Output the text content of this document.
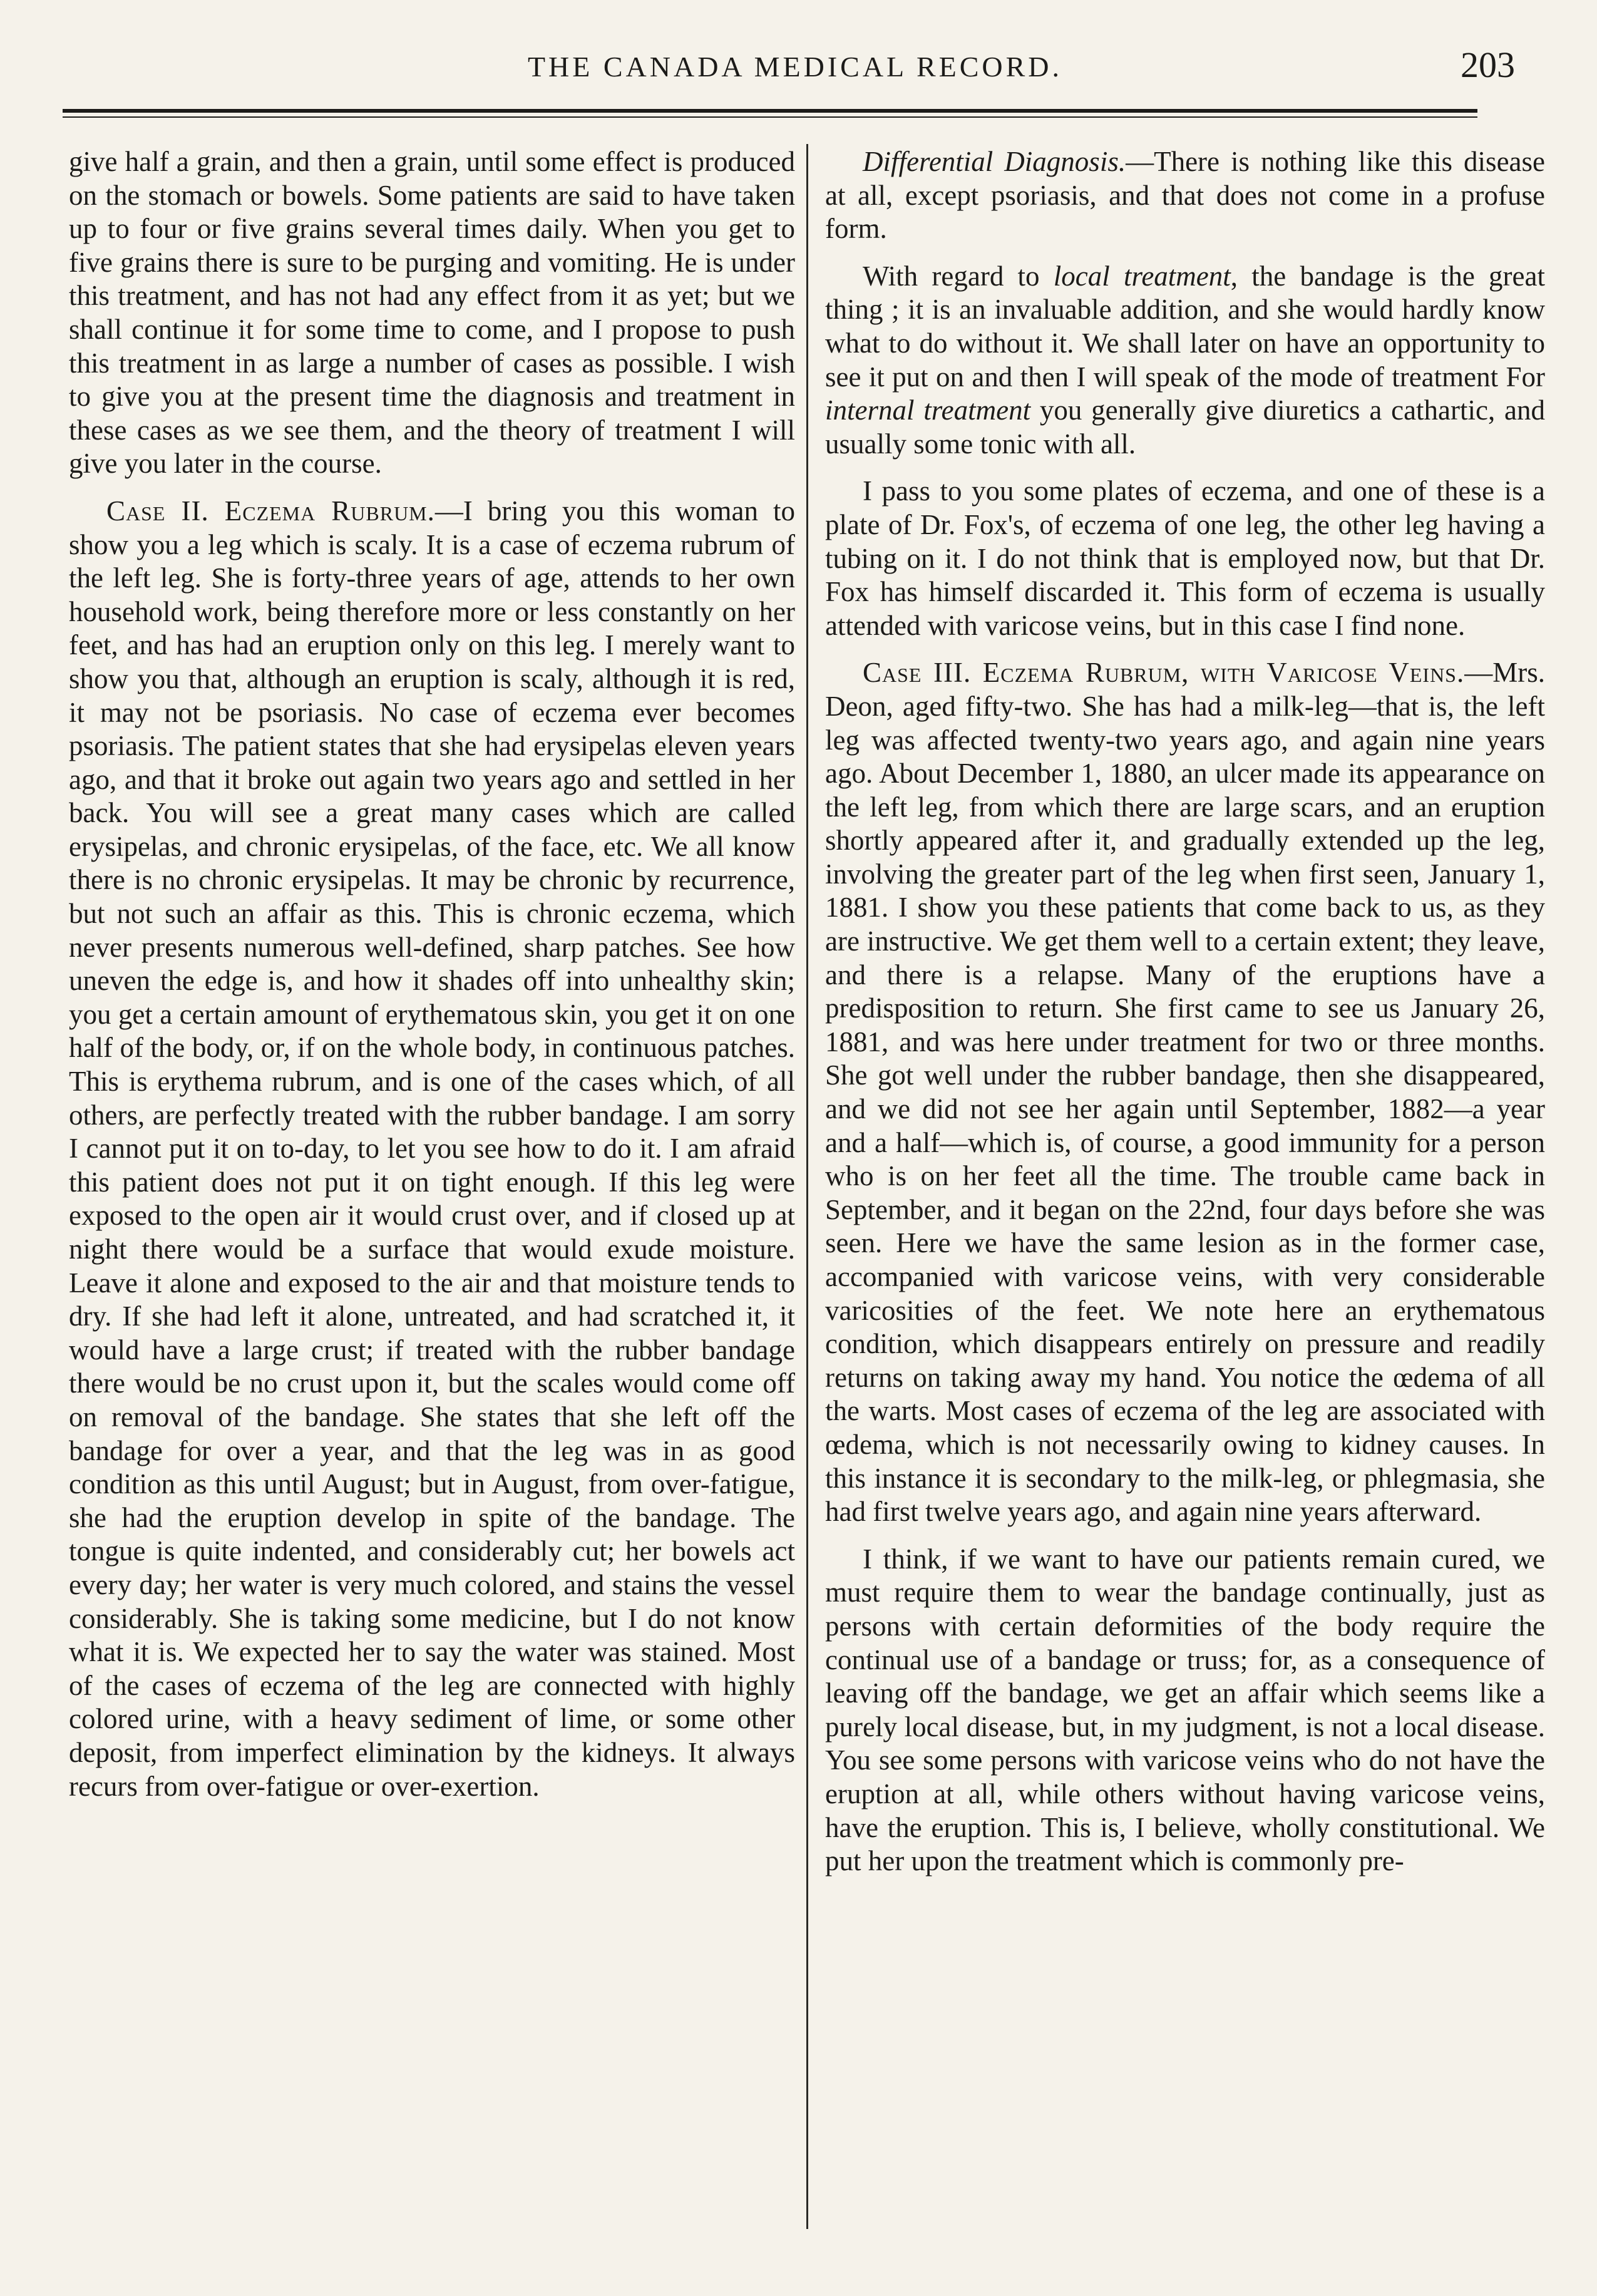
THE CANADA MEDICAL RECORD.	203

give half a grain, and then a grain, until some effect is produced on the stomach or bowels. Some patients are said to have taken up to four or five grains several times daily. When you get to five grains there is sure to be purging and vomiting. He is under this treatment, and has not had any effect from it as yet; but we shall continue it for some time to come, and I propose to push this treatment in as large a number of cases as possible. I wish to give you at the present time the diagnosis and treatment in these cases as we see them, and the theory of treatment I will give you later in the course.

Case II. Eczema Rubrum.—I bring you this woman to show you a leg which is scaly. It is a case of eczema rubrum of the left leg. She is forty-three years of age, attends to her own household work, being therefore more or less constantly on her feet, and has had an eruption only on this leg. I merely want to show you that, although an eruption is scaly, although it is red, it may not be psoriasis. No case of eczema ever becomes psoriasis. The patient states that she had erysipelas eleven years ago, and that it broke out again two years ago and settled in her back. You will see a great many cases which are called erysipelas, and chronic erysipelas, of the face, etc. We all know there is no chronic erysipelas. It may be chronic by recurrence, but not such an affair as this. This is chronic eczema, which never presents numerous well-defined, sharp patches. See how uneven the edge is, and how it shades off into unhealthy skin; you get a certain amount of erythematous skin, you get it on one half of the body, or, if on the whole body, in continuous patches. This is erythema rubrum, and is one of the cases which, of all others, are perfectly treated with the rubber bandage. I am sorry I cannot put it on to-day, to let you see how to do it. I am afraid this patient does not put it on tight enough. If this leg were exposed to the open air it would crust over, and if closed up at night there would be a surface that would exude moisture. Leave it alone and exposed to the air and that moisture tends to dry. If she had left it alone, untreated, and had scratched it, it would have a large crust; if treated with the rubber bandage there would be no crust upon it, but the scales would come off on removal of the bandage. She states that she left off the bandage for over a year, and that the leg was in as good condition as this until August; but in August, from over-fatigue, she had the eruption develop in spite of the bandage. The tongue is quite indented, and considerably cut; her bowels act every day; her water is very much colored, and stains the vessel considerably. She is taking some medicine, but I do not know what it is. We expected her to say the water was stained. Most of the cases of eczema of the leg are connected with highly colored urine, with a heavy sediment of lime, or some other deposit, from imperfect elimination by the kidneys. It always recurs from over-fatigue or over-exertion.

Differential Diagnosis.—There is nothing like this disease at all, except psoriasis, and that does not come in a profuse form.

With regard to local treatment, the bandage is the great thing ; it is an invaluable addition, and she would hardly know what to do without it. We shall later on have an opportunity to see it put on and then I will speak of the mode of treatment For internal treatment you generally give diuretics a cathartic, and usually some tonic with all.

I pass to you some plates of eczema, and one of these is a plate of Dr. Fox's, of eczema of one leg, the other leg having a tubing on it. I do not think that is employed now, but that Dr. Fox has himself discarded it. This form of eczema is usually attended with varicose veins, but in this case I find none.

Case III. Eczema Rubrum, with Varicose Veins.—Mrs. Deon, aged fifty-two. She has had a milk-leg—that is, the left leg was affected twenty-two years ago, and again nine years ago. About December 1, 1880, an ulcer made its appearance on the left leg, from which there are large scars, and an eruption shortly appeared after it, and gradually extended up the leg, involving the greater part of the leg when first seen, January 1, 1881. I show you these patients that come back to us, as they are instructive. We get them well to a certain extent; they leave, and there is a relapse. Many of the eruptions have a predisposition to return. She first came to see us January 26, 1881, and was here under treatment for two or three months. She got well under the rubber bandage, then she disappeared, and we did not see her again until September, 1882—a year and a half—which is, of course, a good immunity for a person who is on her feet all the time. The trouble came back in September, and it began on the 22nd, four days before she was seen. Here we have the same lesion as in the former case, accompanied with varicose veins, with very considerable varicosities of the feet. We note here an erythematous condition, which disappears entirely on pressure and readily returns on taking away my hand. You notice the œdema of all the warts. Most cases of eczema of the leg are associated with œdema, which is not necessarily owing to kidney causes. In this instance it is secondary to the milk-leg, or phlegmasia, she had first twelve years ago, and again nine years afterward.

I think, if we want to have our patients remain cured, we must require them to wear the bandage continually, just as persons with certain deformities of the body require the continual use of a bandage or truss; for, as a consequence of leaving off the bandage, we get an affair which seems like a purely local disease, but, in my judgment, is not a local disease. You see some persons with varicose veins who do not have the eruption at all, while others without having varicose veins, have the eruption. This is, I believe, wholly constitutional. We put her upon the treatment which is commonly pre-
